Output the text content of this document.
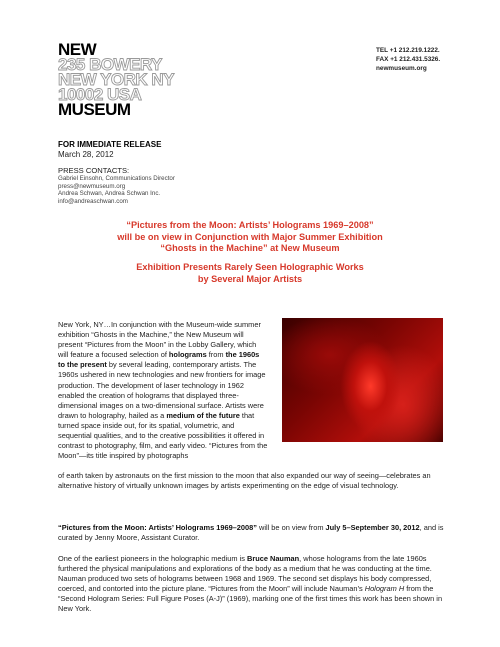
NEW
235 BOWERY
NEW YORK NY
10002 USA
MUSEUM
TEL +1 212.219.1222.
FAX +1 212.431.5326.
newmuseum.org
FOR IMMEDIATE RELEASE
March 28, 2012
PRESS CONTACTS:
Gabriel Einsohn, Communications Director
press@newmuseum.org
Andrea Schwan, Andrea Schwan Inc.
info@andreaschwan.com
“Pictures from the Moon: Artists’ Holograms 1969–2008”
will be on view in Conjunction with Major Summer Exhibition
“Ghosts in the Machine” at New Museum
Exhibition Presents Rarely Seen Holographic Works
by Several Major Artists
New York, NY…In conjunction with the Museum-wide summer exhibition “Ghosts in the Machine,” the New Museum will present “Pictures from the Moon” in the Lobby Gallery, which will feature a focused selection of holograms from the 1960s to the present by several leading, contemporary artists. The 1960s ushered in new technologies and new frontiers for image production. The development of laser technology in 1962 enabled the creation of holograms that displayed three-dimensional images on a two-dimensional surface. Artists were drawn to holography, hailed as a medium of the future that turned space inside out, for its spatial, volumetric, and sequential qualities, and to the creative possibilities it offered in contrast to photography, film, and early video. “Pictures from the Moon”—its title inspired by photographs
of earth taken by astronauts on the first mission to the moon that also expanded our way of seeing—celebrates an alternative history of virtually unknown images by artists experimenting on the edge of visual technology.
“Pictures from the Moon: Artists’ Holograms 1969–2008” will be on view from July 5–September 30, 2012, and is curated by Jenny Moore, Assistant Curator.
One of the earliest pioneers in the holographic medium is Bruce Nauman, whose holograms from the late 1960s furthered the physical manipulations and explorations of the body as a medium that he was conducting at the time. Nauman produced two sets of holograms between 1968 and 1969. The second set displays his body compressed, coerced, and contorted into the picture plane. “Pictures from the Moon” will include Nauman’s Hologram H from the “Second Hologram Series: Full Figure Poses (A-J)” (1969), marking one of the first times this work has been shown in New York.
